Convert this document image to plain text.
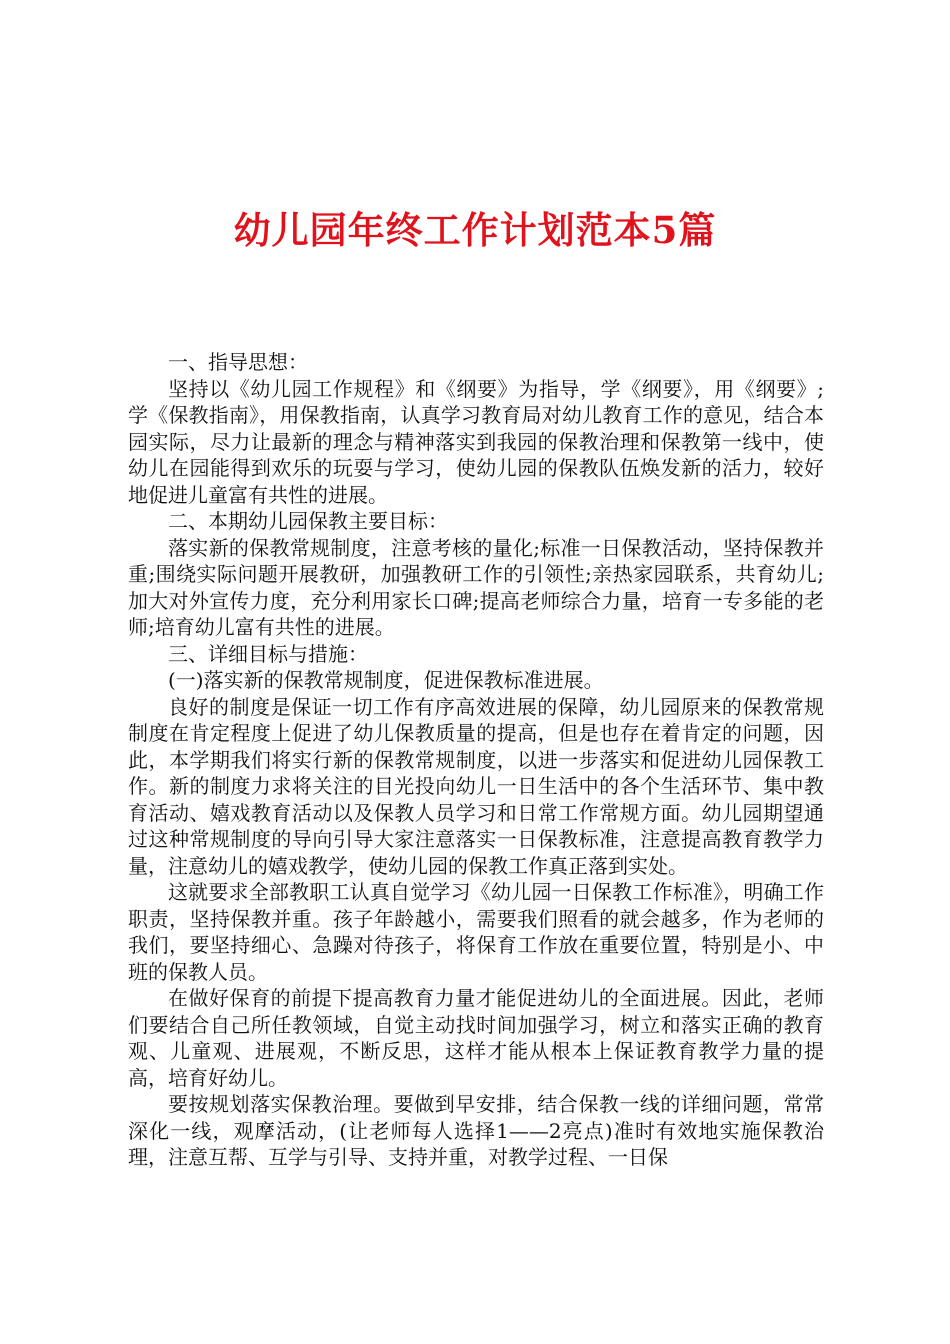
幼儿园年终工作计划范本5篇

一、指导思想：

坚持以《幼儿园工作规程》和《纲要》为指导，学《纲要》，用《纲要》;学《保教指南》，用保教指南，认真学习教育局对幼儿教育工作的意见，结合本园实际，尽力让最新的理念与精神落实到我园的保教治理和保教第一线中，使幼儿在园能得到欢乐的玩耍与学习，使幼儿园的保教队伍焕发新的活力，较好地促进儿童富有共性的进展。

二、本期幼儿园保教主要目标：

落实新的保教常规制度，注意考核的量化;标准一日保教活动，坚持保教并重;围绕实际问题开展教研，加强教研工作的引领性;亲热家园联系，共育幼儿;加大对外宣传力度，充分利用家长口碑;提高老师综合力量，培育一专多能的老师;培育幼儿富有共性的进展。

三、详细目标与措施：

(一)落实新的保教常规制度，促进保教标准进展。

良好的制度是保证一切工作有序高效进展的保障，幼儿园原来的保教常规制度在肯定程度上促进了幼儿保教质量的提高，但是也存在着肯定的问题，因此，本学期我们将实行新的保教常规制度，以进一步落实和促进幼儿园保教工作。新的制度力求将关注的目光投向幼儿一日生活中的各个生活环节、集中教育活动、嬉戏教育活动以及保教人员学习和日常工作常规方面。幼儿园期望通过这种常规制度的导向引导大家注意落实一日保教标准，注意提高教育教学力量，注意幼儿的嬉戏教学，使幼儿园的保教工作真正落到实处。

这就要求全部教职工认真自觉学习《幼儿园一日保教工作标准》，明确工作职责，坚持保教并重。孩子年龄越小，需要我们照看的就会越多，作为老师的我们，要坚持细心、急躁对待孩子，将保育工作放在重要位置，特别是小、中班的保教人员。

在做好保育的前提下提高教育力量才能促进幼儿的全面进展。因此，老师们要结合自己所任教领域，自觉主动找时间加强学习，树立和落实正确的教育观、儿童观、进展观，不断反思，这样才能从根本上保证教育教学力量的提高，培育好幼儿。

要按规划落实保教治理。要做到早安排，结合保教一线的详细问题，常常深化一线，观摩活动，(让老师每人选择1——2亮点)准时有效地实施保教治理，注意互帮、互学与引导、支持并重，对教学过程、一日保
